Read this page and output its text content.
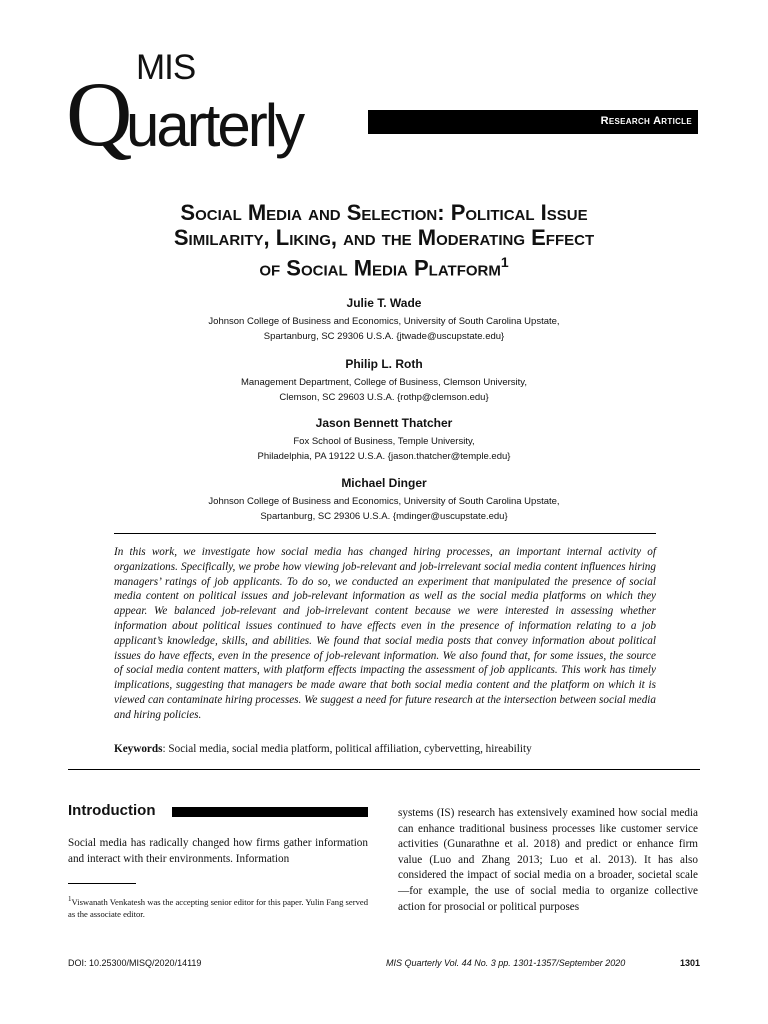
MIS
Q
uarterly	Research Article
Social Media and Selection: Political Issue
Similarity, Liking, and the Moderating Effect
of Social Media Platform$^1$
Julie T. Wade
Johnson College of Business and Economics, University of South Carolina Upstate,
Spartanburg, SC 29306 U.S.A. {jtwade@uscupstate.edu}
Philip L. Roth
Management Department, College of Business, Clemson University,
Clemson, SC 29603 U.S.A. {rothp@clemson.edu}
Jason Bennett Thatcher
Fox School of Business, Temple University,
Philadelphia, PA 19122 U.S.A. {jason.thatcher@temple.edu}
Michael Dinger
Johnson College of Business and Economics, University of South Carolina Upstate,
Spartanburg, SC 29306 U.S.A. {mdinger@uscupstate.edu}
In this work, we investigate how social media has changed hiring processes, an important internal activity of organizations. Specifically, we probe how viewing job-relevant and job-irrelevant social media content influences hiring managers’ ratings of job applicants. To do so, we conducted an experiment that manipulated the presence of social media content on political issues and job-relevant information as well as the social media platforms on which they appear. We balanced job-relevant and job-irrelevant content because we were interested in assessing whether information about political issues continued to have effects even in the presence of information relating to a job applicant’s knowledge, skills, and abilities. We found that social media posts that convey information about political issues do have effects, even in the presence of job-relevant information. We also found that, for some issues, the source of social media content matters, with platform effects impacting the assessment of job applicants. This work has timely implications, suggesting that managers be made aware that both social media content and the platform on which it is viewed can contaminate hiring processes. We suggest a need for future research at the intersection between social media and hiring policies.
Keywords: Social media, social media platform, political affiliation, cybervetting, hireability
Introduction
Social media has radically changed how firms gather information and interact with their environments. Information
systems (IS) research has extensively examined how social media can enhance traditional business processes like customer service activities (Gunarathne et al. 2018) and predict or enhance firm value (Luo and Zhang 2013; Luo et al. 2013). It has also considered the impact of social media on a broader, societal scale—for example, the use of social media to organize collective action for prosocial or political purposes
$^1$Viswanath Venkatesh was the accepting senior editor for this paper. Yulin Fang served as the associate editor.
DOI: 10.25300/MISQ/2020/14119	MIS Quarterly Vol. 44 No. 3 pp. 1301-1357/September 2020	1301
